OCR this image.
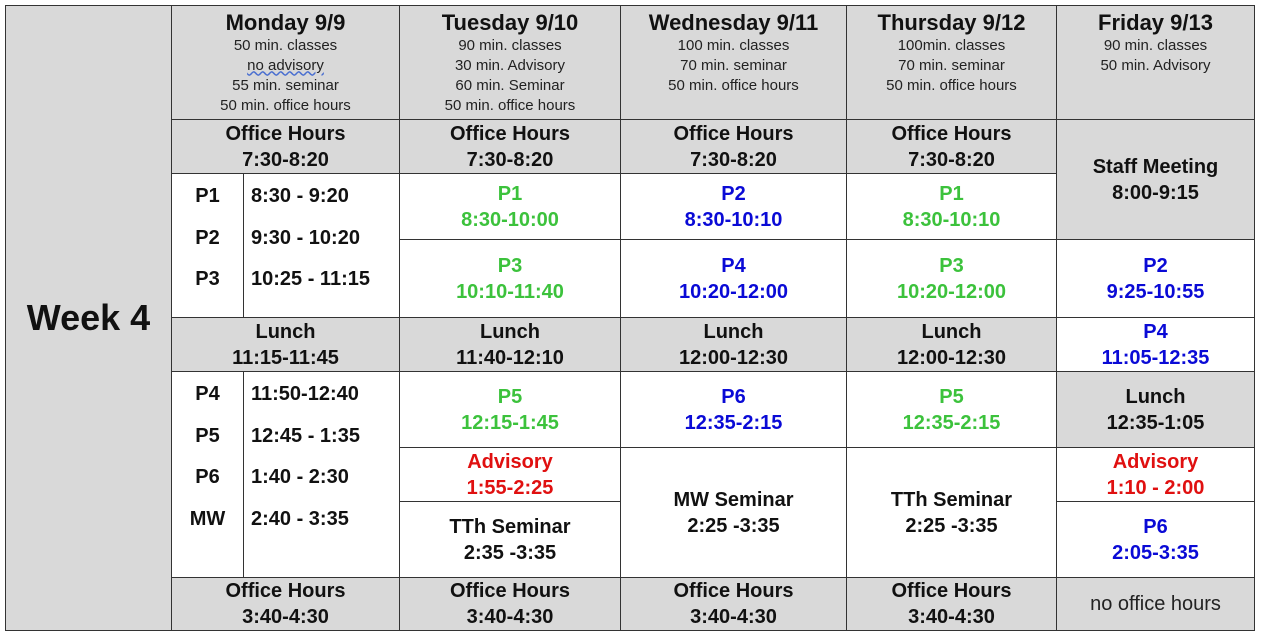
Week 4
Monday 9/9
50 min. classes
no advisory
55 min. seminar
50 min. office hours
Tuesday 9/10
90 min. classes
30 min. Advisory
60 min. Seminar
50 min. office hours
Wednesday 9/11
100 min. classes
70 min. seminar
50 min. office hours
Thursday 9/12
100min. classes
70 min. seminar
50 min. office hours
Friday 9/13
90 min. classes
50 min. Advisory
Office Hours
7:30-8:20
P1
P2
P3
8:30 - 9:20
9:30 - 10:20
10:25 - 11:15
Lunch
11:15-11:45
P4
P5
P6
MW
11:50-12:40
12:45 - 1:35
1:40 - 2:30
2:40 - 3:35
Office Hours
3:40-4:30
Office Hours
7:30-8:20
P1
8:30-10:00
P3
10:10-11:40
Lunch
11:40-12:10
P5
12:15-1:45
Advisory
1:55-2:25
TTh Seminar
2:35 -3:35
Office Hours
3:40-4:30
Office Hours
7:30-8:20
P2
8:30-10:10
P4
10:20-12:00
Lunch
12:00-12:30
P6
12:35-2:15
MW Seminar
2:25 -3:35
Office Hours
3:40-4:30
Office Hours
7:30-8:20
P1
8:30-10:10
P3
10:20-12:00
Lunch
12:00-12:30
P5
12:35-2:15
TTh Seminar
2:25 -3:35
Office Hours
3:40-4:30
Staff Meeting
8:00-9:15
P2
9:25-10:55
P4
11:05-12:35
Lunch
12:35-1:05
Advisory
1:10 - 2:00
P6
2:05-3:35
no office hours
